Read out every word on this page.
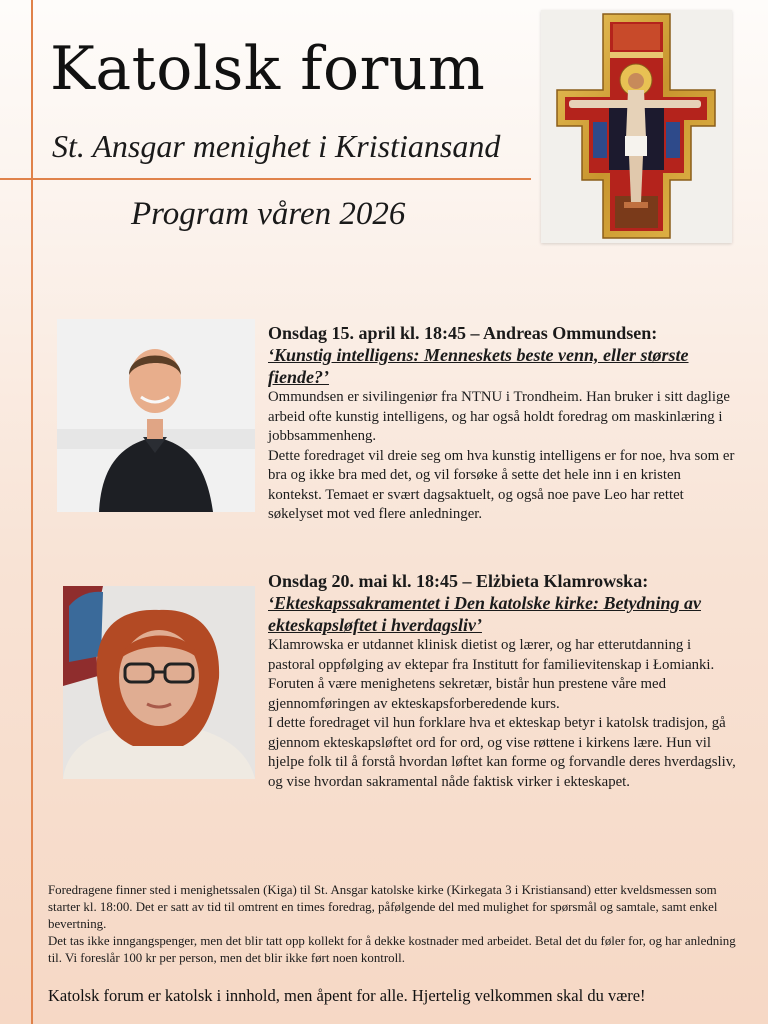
Katolsk forum
St. Ansgar menighet i Kristiansand
Program våren 2026
Onsdag 15. april kl. 18:45 – Andreas Ommundsen:
‘Kunstig intelligens: Menneskets beste venn, eller største fiende?’

Ommundsen er sivilingeniør fra NTNU i Trondheim. Han bruker i sitt daglige arbeid ofte kunstig intelligens, og har også holdt foredrag om maskinlæring i jobbsammenheng.

Dette foredraget vil dreie seg om hva kunstig intelligens er for noe, hva som er bra og ikke bra med det, og vil forsøke å sette det hele inn i en kristen kontekst. Temaet er svært dagsaktuelt, og også noe pave Leo har rettet søkelyset mot ved flere anledninger.

Onsdag 20. mai kl. 18:45 – Elżbieta Klamrowska:
‘Ekteskapssakramentet i Den katolske kirke: Betydning av ekteskapsløftet i hverdagsliv’

Klamrowska er utdannet klinisk dietist og lærer, og har etterutdanning i pastoral oppfølging av ektepar fra Institutt for familievitenskap i Łomianki. Foruten å være menighetens sekretær, bistår hun prestene våre med gjennomføringen av ekteskapsforberedende kurs.

I dette foredraget vil hun forklare hva et ekteskap betyr i katolsk tradisjon, gå gjennom ekteskapsløftet ord for ord, og vise røttene i kirkens lære. Hun vil hjelpe folk til å forstå hvordan løftet kan forme og forvandle deres hverdagsliv, og vise hvordan sakramental nåde faktisk virker i ekteskapet.

Foredragene finner sted i menighetssalen (Kiga) til St. Ansgar katolske kirke (Kirkegata 3 i Kristiansand) etter kveldsmessen som starter kl. 18:00. Det er satt av tid til omtrent en times foredrag, påfølgende del med mulighet for spørsmål og samtale, samt enkel bevertning.

Det tas ikke inngangspenger, men det blir tatt opp kollekt for å dekke kostnader med arbeidet. Betal det du føler for, og har anledning til. Vi foreslår 100 kr per person, men det blir ikke ført noen kontroll.

Katolsk forum er katolsk i innhold, men åpent for alle. Hjertelig velkommen skal du være!
